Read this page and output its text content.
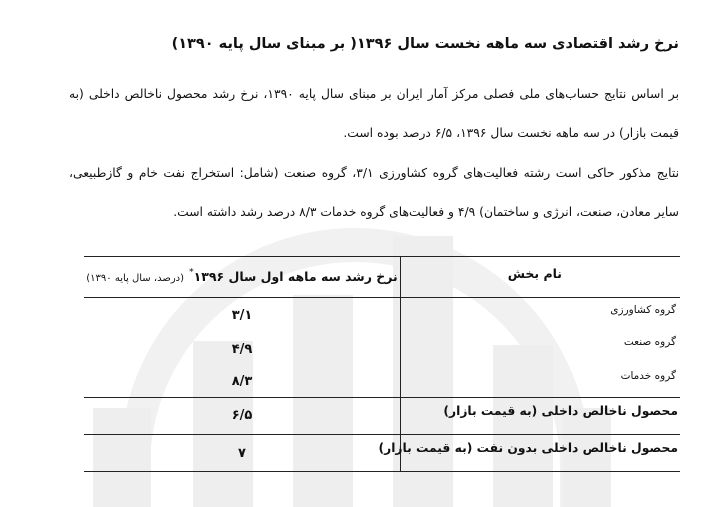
نرخ رشد اقتصادی سه ماهه نخست سال ۱۳۹۶( بر مبنای سال پایه ۱۳۹۰)
بر اساس نتایج حساب‌های ملی فصلی مرکز آمار ایران بر مبنای سال پایه ۱۳۹۰، نرخ رشد محصول ناخالص داخلی (به قیمت بازار) در سه ماهه نخست سال ۱۳۹۶، ۶/۵ درصد بوده است.
نتایج مذکور حاکی است رشته فعالیت‌های گروه کشاورزی ۳/۱، گروه صنعت (شامل: استخراج نفت خام و گازطبیعی، سایر معادن، صنعت، انرژی و ساختمان) ۴/۹ و فعالیت‌های گروه خدمات ۸/۳ درصد رشد داشته است.
نام بخش
نرخ رشد سه ماهه اول سال ۱۳۹۶* (درصد، سال پایه ۱۳۹۰)
گروه کشاورزی
۳/۱
گروه صنعت
۴/۹
گروه خدمات
۸/۳
محصول ناخالص داخلی (به قیمت بازار)
۶/۵
محصول ناخالص داخلی بدون نفت (به قیمت بازار)
۷
